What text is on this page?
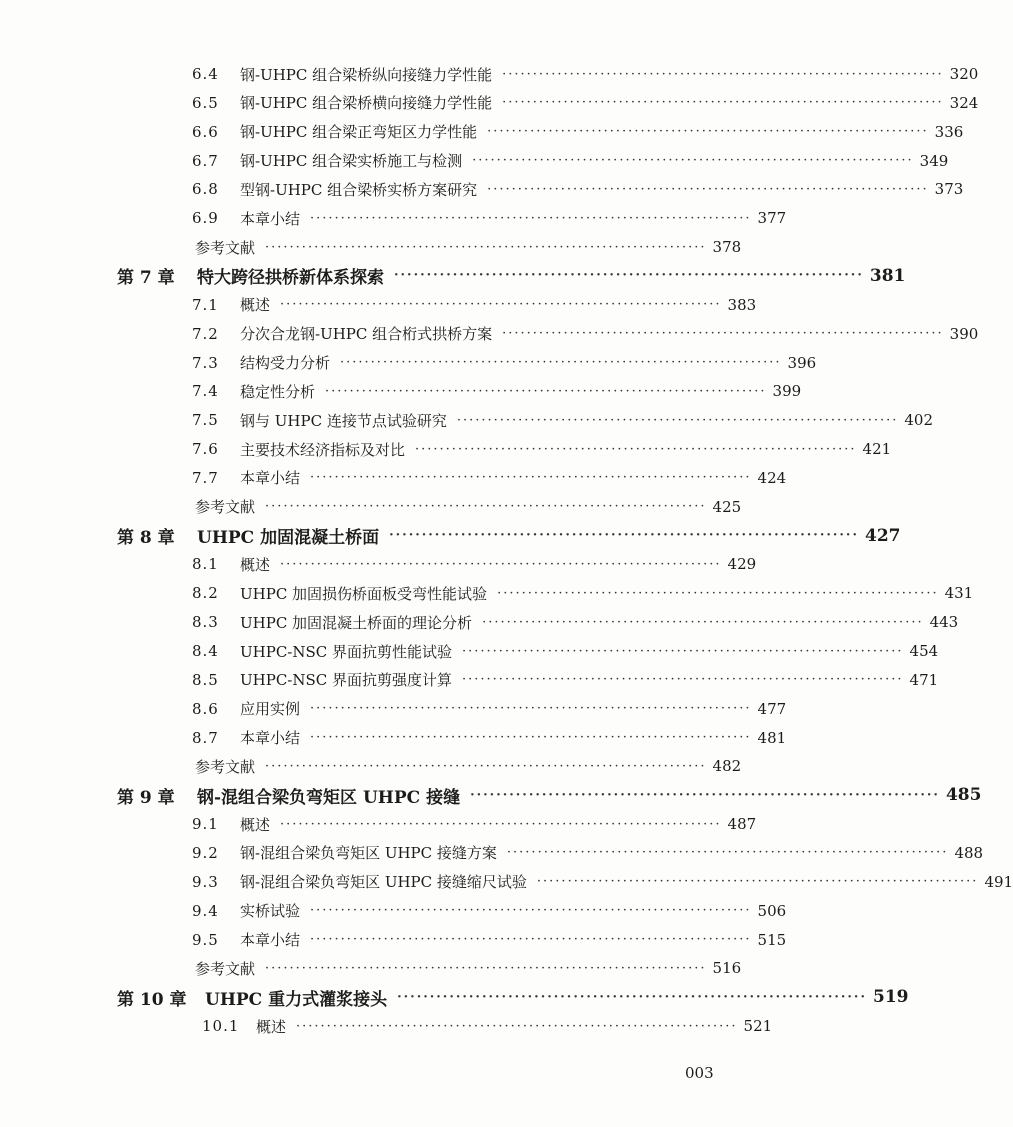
6.4 钢-UHPC 组合梁桥纵向接缝力学性能 ········································································ 320
6.5 钢-UHPC 组合梁桥横向接缝力学性能 ········································································ 324
6.6 钢-UHPC 组合梁正弯矩区力学性能 ········································································ 336
6.7 钢-UHPC 组合梁实桥施工与检测 ········································································ 349
6.8 型钢-UHPC 组合梁桥实桥方案研究 ········································································ 373
6.9 本章小结 ········································································ 377
参考文献 ········································································ 378
第 7 章 特大跨径拱桥新体系探索 ········································································ 381
7.1 概述 ········································································ 383
7.2 分次合龙钢-UHPC 组合桁式拱桥方案 ········································································ 390
7.3 结构受力分析 ········································································ 396
7.4 稳定性分析 ········································································ 399
7.5 钢与 UHPC 连接节点试验研究 ········································································ 402
7.6 主要技术经济指标及对比 ········································································ 421
7.7 本章小结 ········································································ 424
参考文献 ········································································ 425
第 8 章 UHPC 加固混凝土桥面 ········································································ 427
8.1 概述 ········································································ 429
8.2 UHPC 加固损伤桥面板受弯性能试验 ········································································ 431
8.3 UHPC 加固混凝土桥面的理论分析 ········································································ 443
8.4 UHPC-NSC 界面抗剪性能试验 ········································································ 454
8.5 UHPC-NSC 界面抗剪强度计算 ········································································ 471
8.6 应用实例 ········································································ 477
8.7 本章小结 ········································································ 481
参考文献 ········································································ 482
第 9 章 钢-混组合梁负弯矩区 UHPC 接缝 ········································································ 485
9.1 概述 ········································································ 487
9.2 钢-混组合梁负弯矩区 UHPC 接缝方案 ········································································ 488
9.3 钢-混组合梁负弯矩区 UHPC 接缝缩尺试验 ········································································ 491
9.4 实桥试验 ········································································ 506
9.5 本章小结 ········································································ 515
参考文献 ········································································ 516
第 10 章 UHPC 重力式灌浆接头 ········································································ 519
10.1 概述 ········································································ 521
003
